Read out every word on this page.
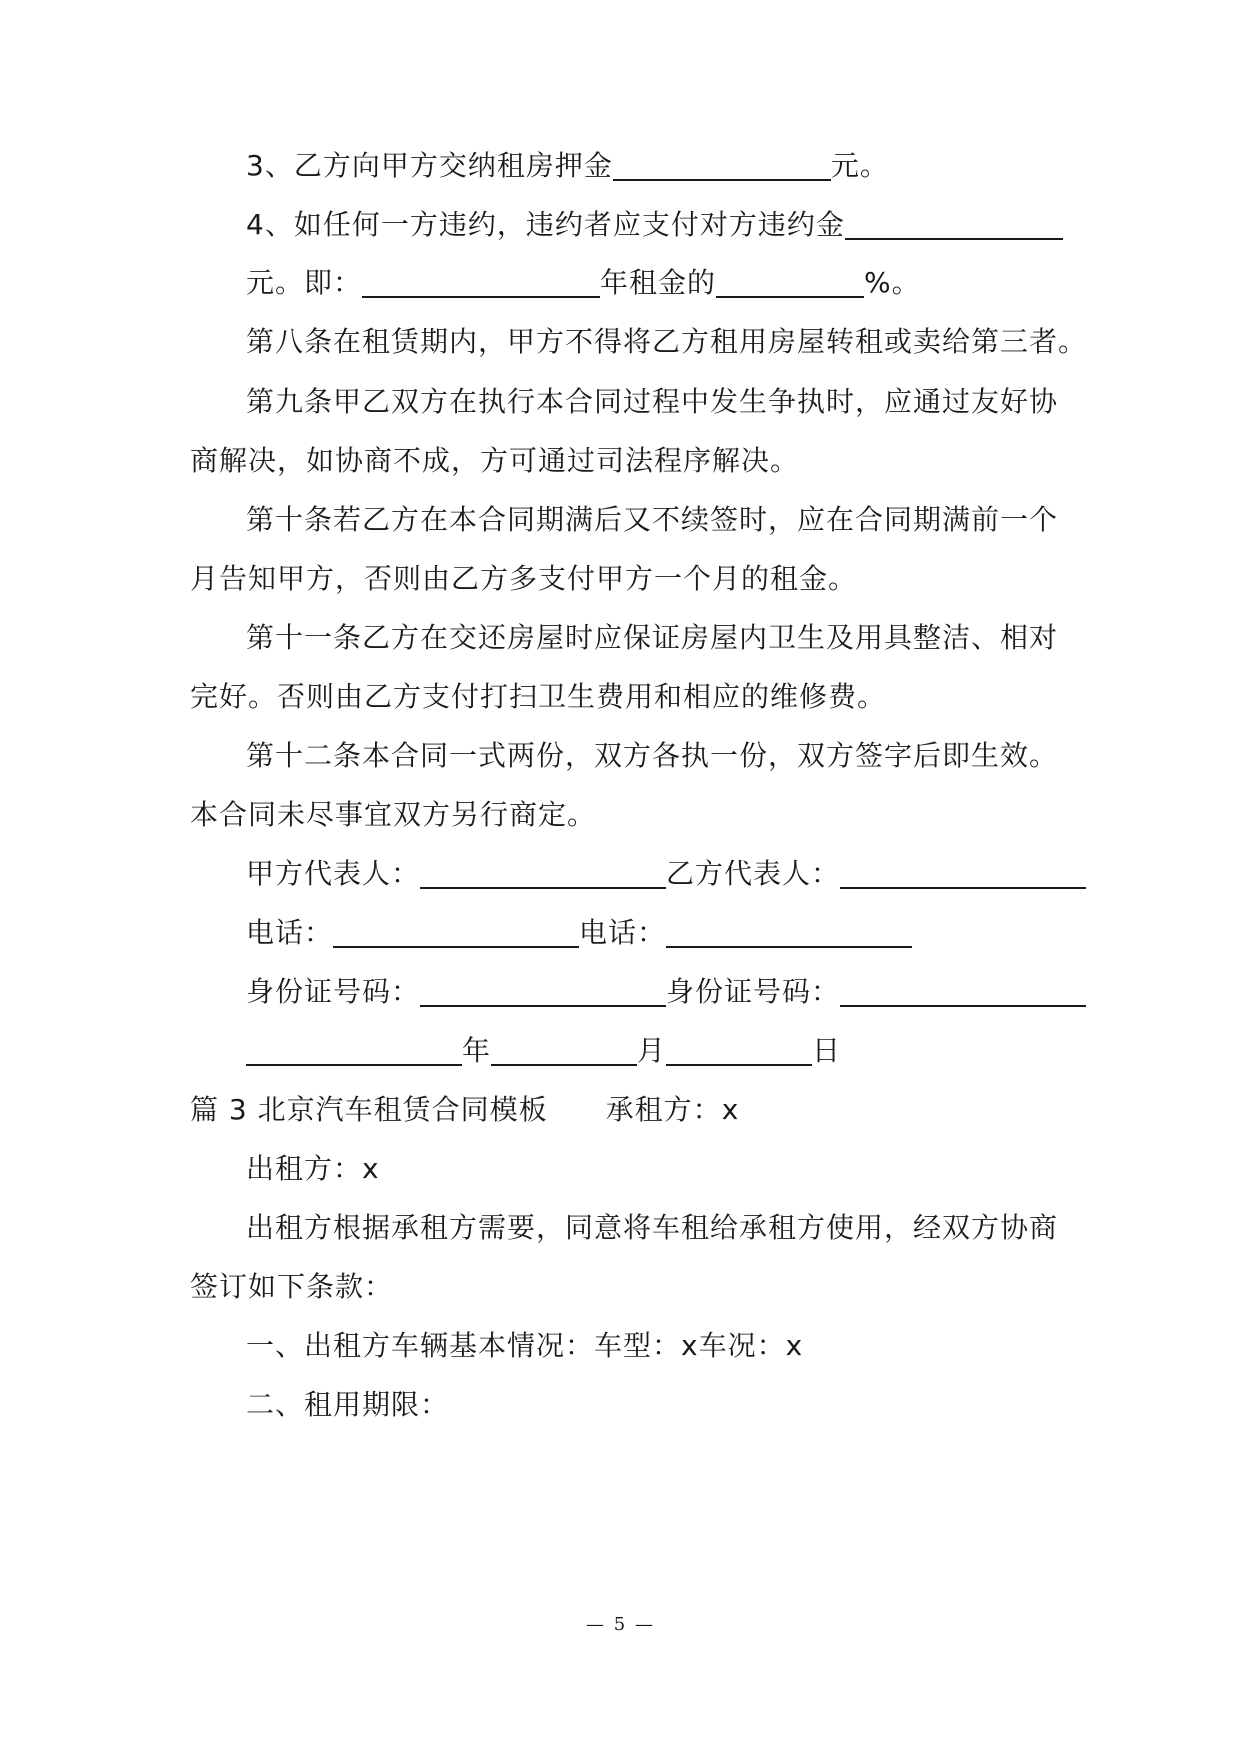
3、乙方向甲方交纳租房押金	元。
4、如任何一方违约，违约者应支付对方违约金
元。即：	年租金的	%。
第八条在租赁期内，甲方不得将乙方租用房屋转租或卖给第三者。
第九条甲乙双方在执行本合同过程中发生争执时，应通过友好协
商解决，如协商不成，方可通过司法程序解决。
第十条若乙方在本合同期满后又不续签时，应在合同期满前一个
月告知甲方，否则由乙方多支付甲方一个月的租金。
第十一条乙方在交还房屋时应保证房屋内卫生及用具整洁、相对
完好。否则由乙方支付打扫卫生费用和相应的维修费。
第十二条本合同一式两份，双方各执一份，双方签字后即生效。
本合同未尽事宜双方另行商定。
甲方代表人：	乙方代表人：
电话：	电话：
身份证号码：	身份证号码：
年	月	日
篇 3 北京汽车租赁合同模板 承租方：x
出租方：x
出租方根据承租方需要，同意将车租给承租方使用，经双方协商
签订如下条款：
一、出租方车辆基本情况：车型：x车况：x
二、租用期限：
— 5 —
